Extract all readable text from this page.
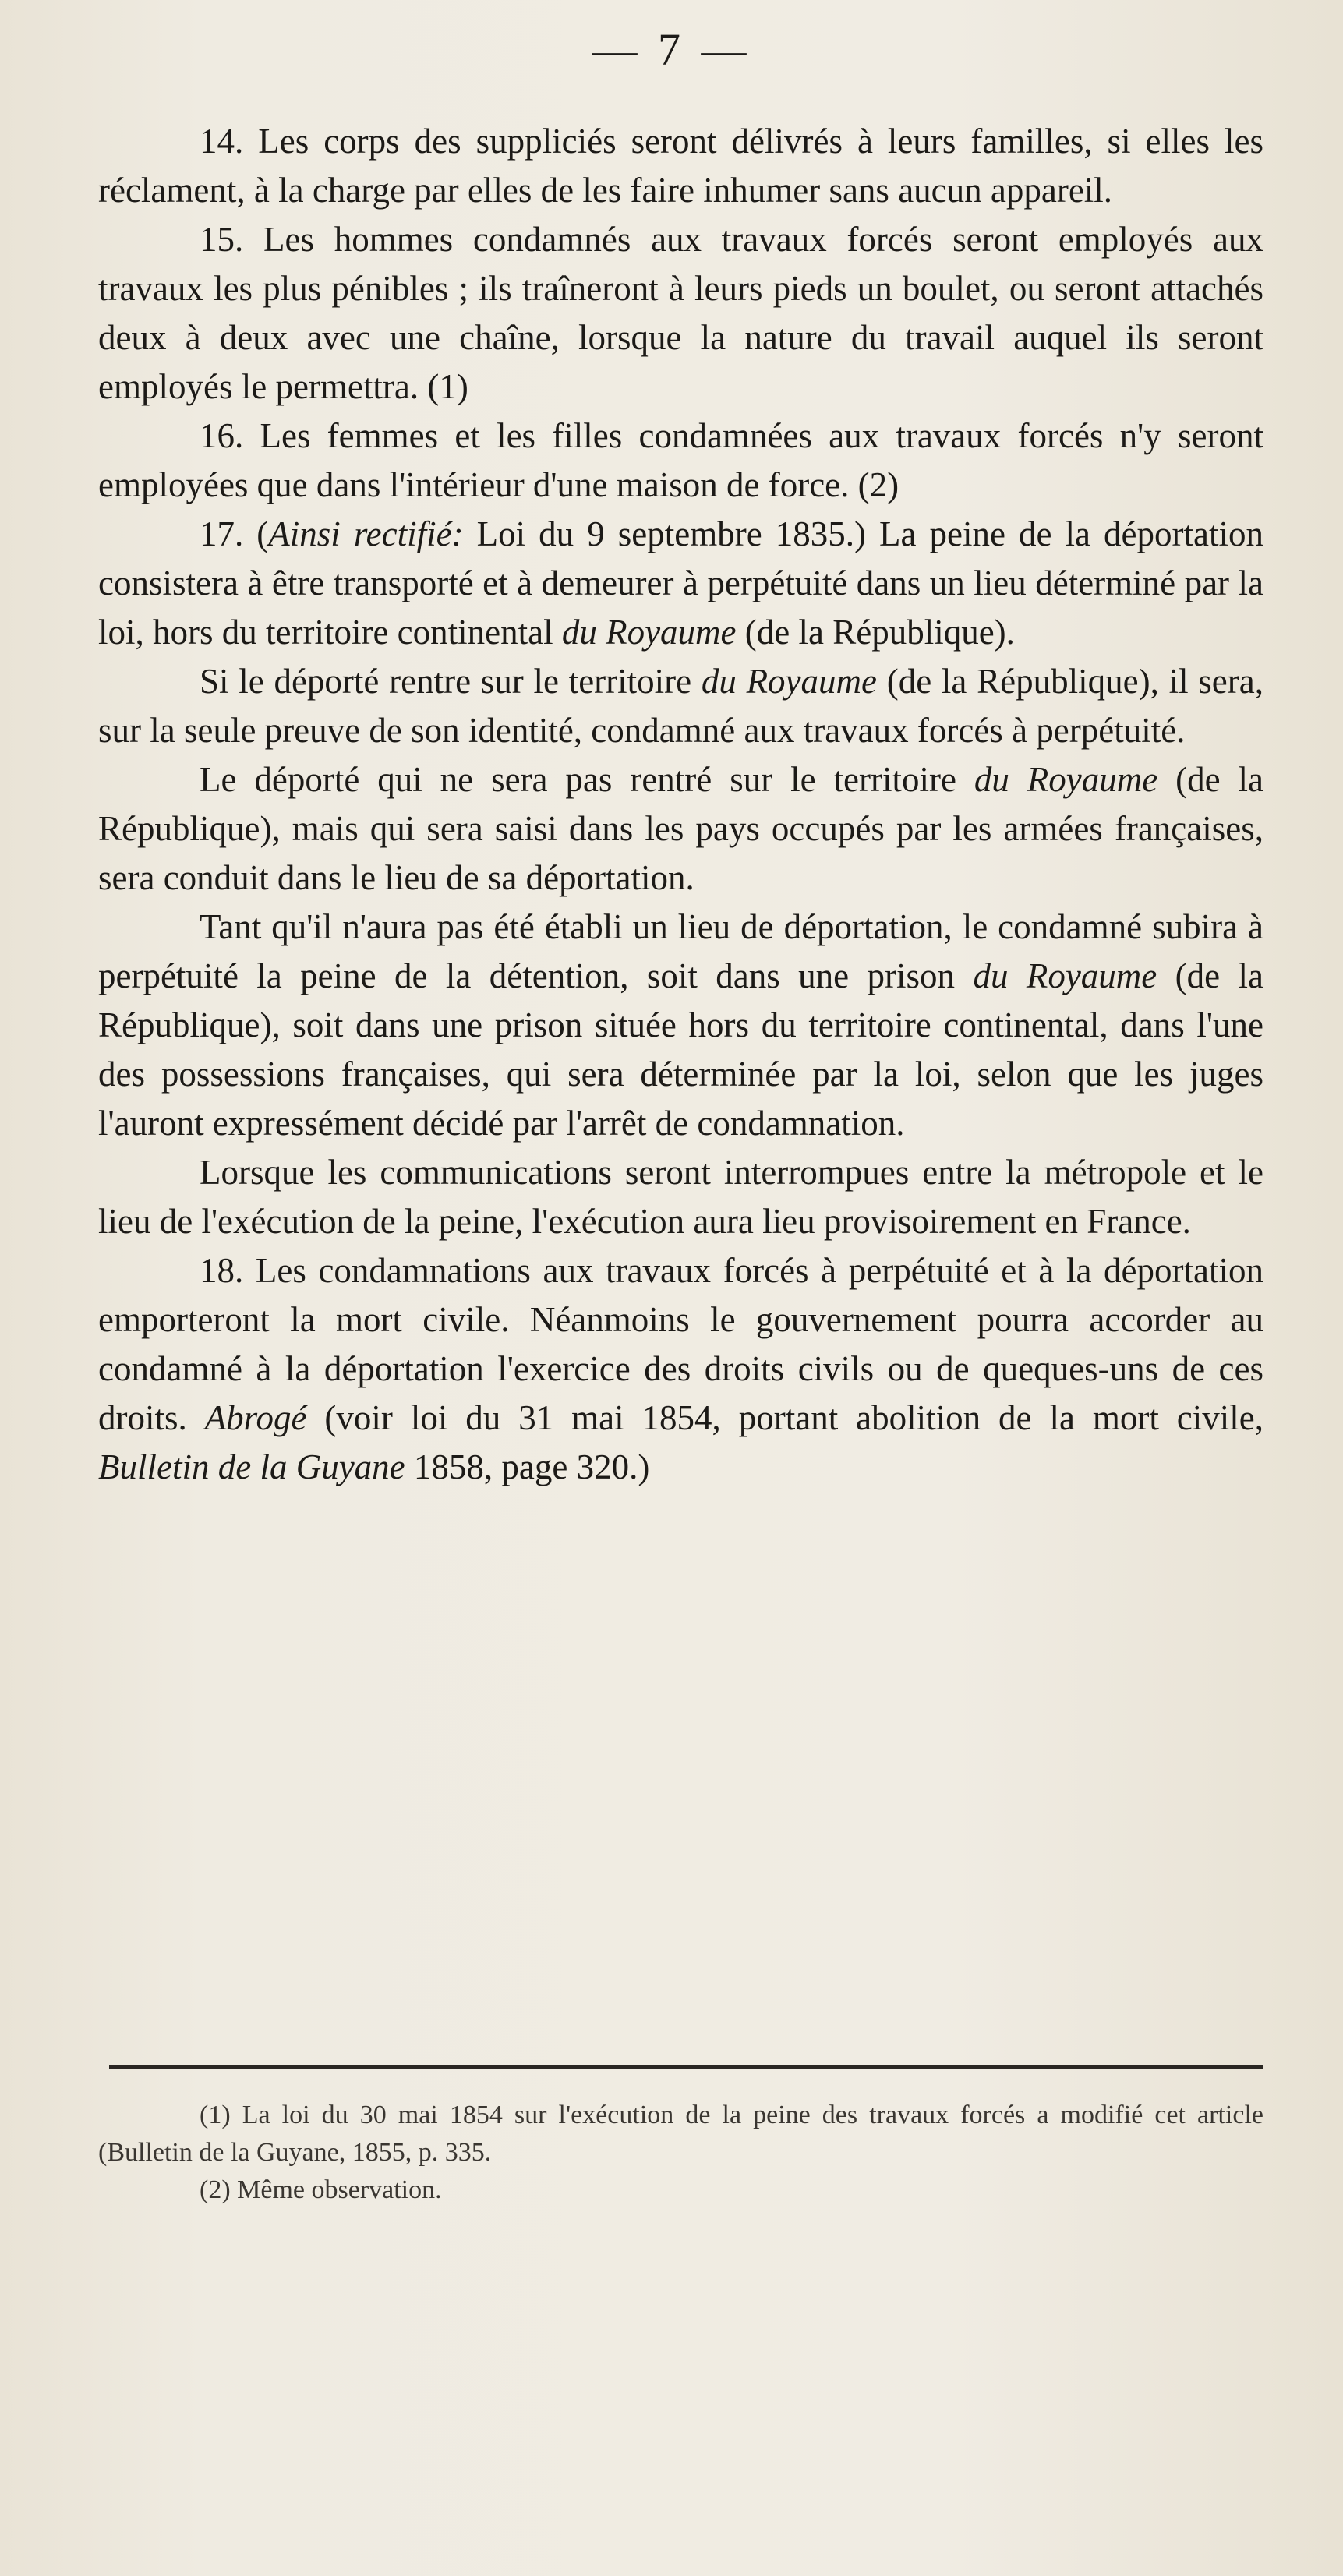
— 7 —

14. Les corps des suppliciés seront délivrés à leurs familles, si elles les réclament, à la charge par elles de les faire inhumer sans aucun appareil.

15. Les hommes condamnés aux travaux forcés seront employés aux travaux les plus pénibles ; ils traîneront à leurs pieds un boulet, ou seront attachés deux à deux avec une chaîne, lorsque la nature du travail auquel ils seront employés le permettra. (1)

16. Les femmes et les filles condamnées aux travaux forcés n'y seront employées que dans l'intérieur d'une maison de force. (2)

17. (Ainsi rectifié: Loi du 9 septembre 1835.) La peine de la déportation consistera à être transporté et à demeurer à perpétuité dans un lieu déterminé par la loi, hors du territoire continental du Royaume (de la République).

Si le déporté rentre sur le territoire du Royaume (de la République), il sera, sur la seule preuve de son identité, condamné aux travaux forcés à perpétuité.

Le déporté qui ne sera pas rentré sur le territoire du Royaume (de la République), mais qui sera saisi dans les pays occupés par les armées françaises, sera conduit dans le lieu de sa déportation.

Tant qu'il n'aura pas été établi un lieu de déportation, le condamné subira à perpétuité la peine de la détention, soit dans une prison du Royaume (de la République), soit dans une prison située hors du territoire continental, dans l'une des possessions françaises, qui sera déterminée par la loi, selon que les juges l'auront expressément décidé par l'arrêt de condamnation.

Lorsque les communications seront interrompues entre la métropole et le lieu de l'exécution de la peine, l'exécution aura lieu provisoirement en France.

18. Les condamnations aux travaux forcés à perpétuité et à la déportation emporteront la mort civile. Néanmoins le gouvernement pourra accorder au condamné à la déportation l'exercice des droits civils ou de queques-uns de ces droits. Abrogé (voir loi du 31 mai 1854, portant abolition de la mort civile, Bulletin de la Guyane 1858, page 320.)

(1) La loi du 30 mai 1854 sur l'exécution de la peine des travaux forcés a modifié cet article (Bulletin de la Guyane, 1855, p. 335.

(2) Même observation.
